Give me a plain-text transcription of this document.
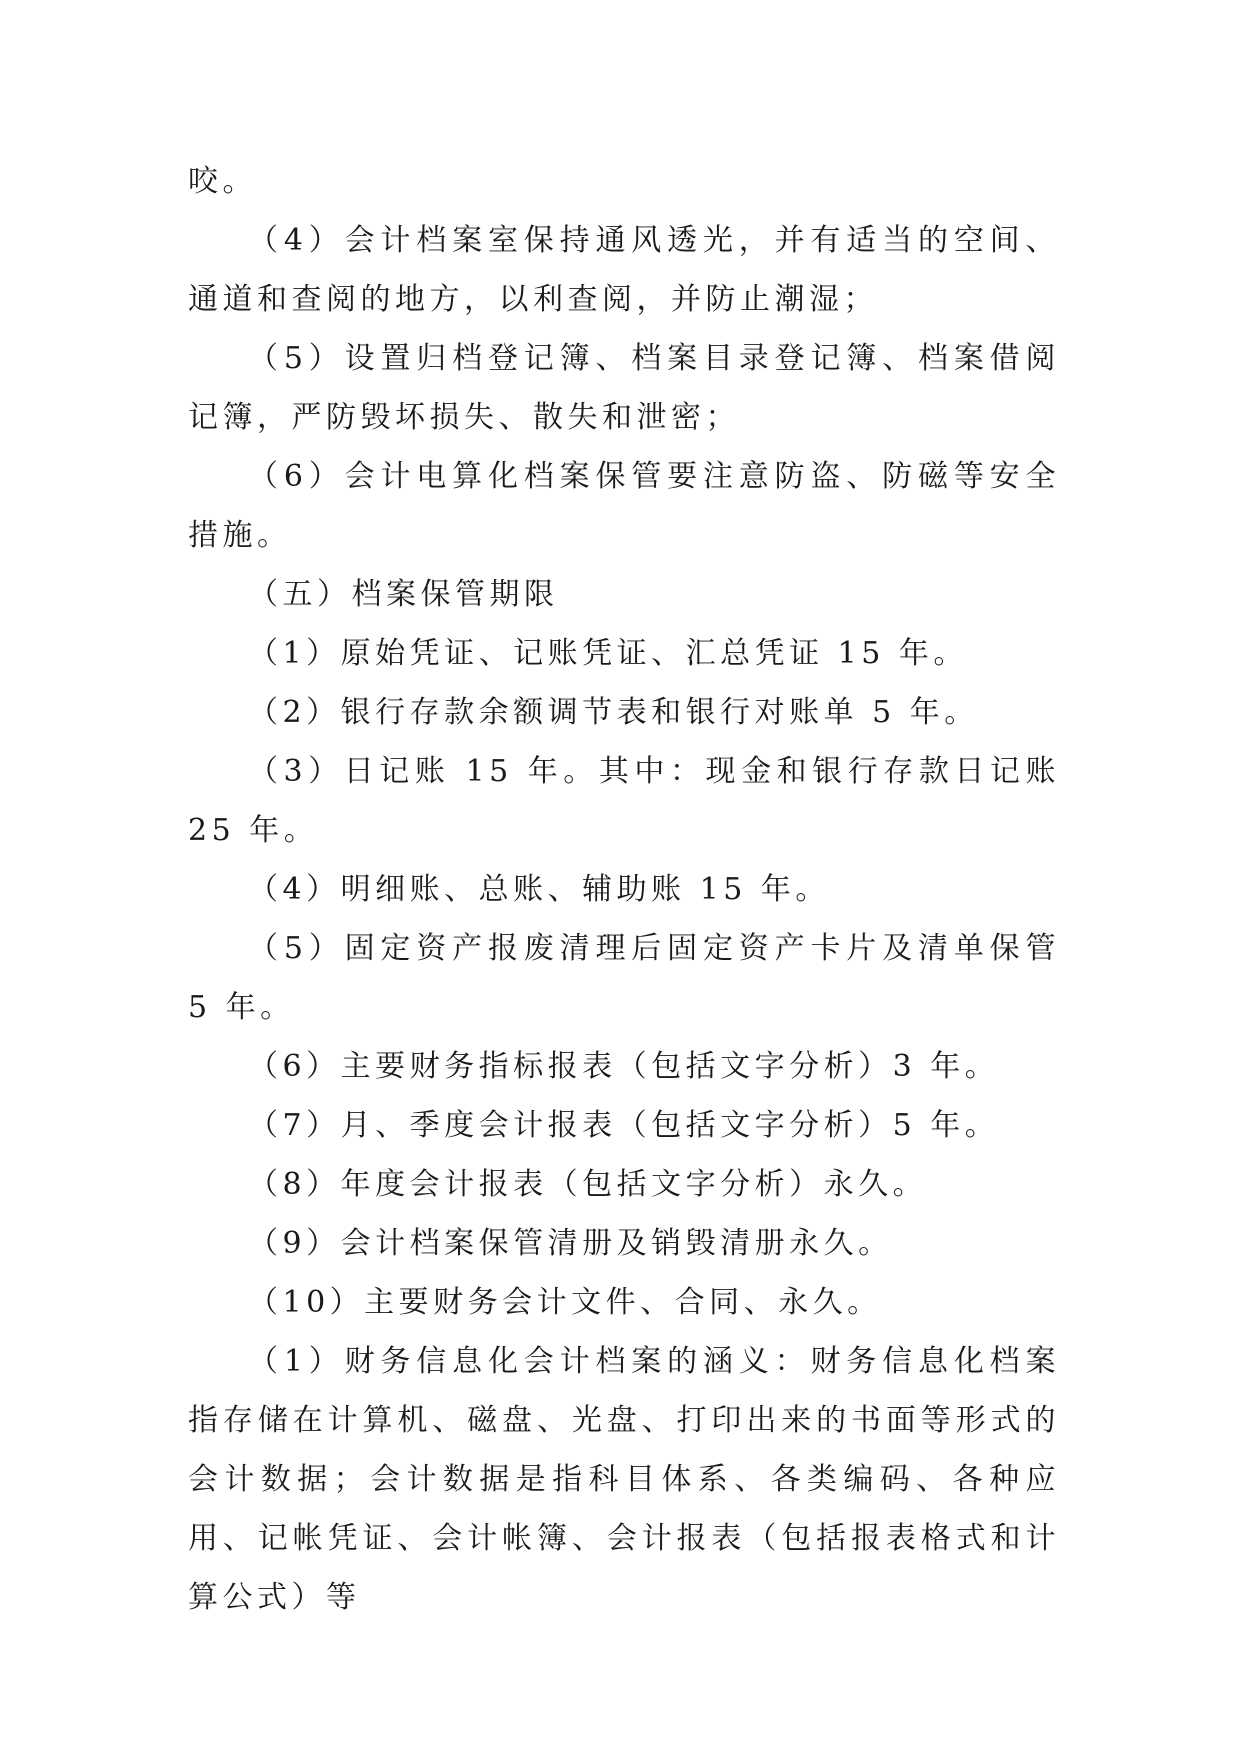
咬。

（4）会计档案室保持通风透光，并有适当的空间、通道和查阅的地方，以利查阅，并防止潮湿；

（5）设置归档登记簿、档案目录登记簿、档案借阅记簿，严防毁坏损失、散失和泄密；

（6）会计电算化档案保管要注意防盗、防磁等安全措施。

（五）档案保管期限

（1）原始凭证、记账凭证、汇总凭证 15 年。

（2）银行存款余额调节表和银行对账单 5 年。

（3）日记账 15 年。其中：现金和银行存款日记账 25 年。

（4）明细账、总账、辅助账 15 年。

（5）固定资产报废清理后固定资产卡片及清单保管 5 年。

（6）主要财务指标报表（包括文字分析）3 年。

（7）月、季度会计报表（包括文字分析）5 年。

（8）年度会计报表（包括文字分析）永久。

（9）会计档案保管清册及销毁清册永久。

（10）主要财务会计文件、合同、永久。

（1）财务信息化会计档案的涵义：财务信息化档案指存储在计算机、磁盘、光盘、打印出来的书面等形式的会计数据；会计数据是指科目体系、各类编码、各种应用、记帐凭证、会计帐簿、会计报表（包括报表格式和计算公式）等
